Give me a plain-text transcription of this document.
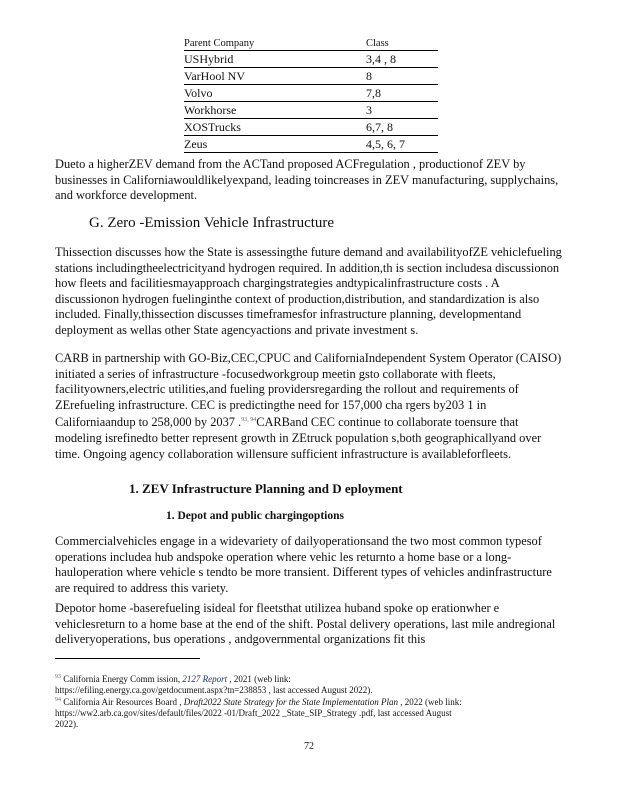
Parent Company	Class
USHybrid	3,4 , 8
VarHool NV	8
Volvo	7,8
Workhorse	3
XOSTrucks	6,7, 8
Zeus	4,5, 6, 7

Dueto a higherZEV demand from the ACTand proposed ACFregulation , productionof ZEV by businesses in Californiawouldlikelyexpand, leading toincreases in ZEV manufacturing, supplychains, and workforce development.

G. Zero -Emission Vehicle Infrastructure

Thissection discusses how the State is assessingthe future demand and availabilityofZE vehiclefueling stations includingtheelectricityand hydrogen required. In addition,th is section includesa discussionon how fleets and facilitiesmayapproach chargingstrategies andtypicalinfrastructure costs . A discussionon hydrogen fuelinginthe context of production,distribution, and standardization is also included. Finally,thissection discusses timeframesfor infrastructure planning, developmentand deployment as wellas other State agencyactions and private investment s.

CARB in partnership with GO-Biz,CEC,CPUC and CaliforniaIndependent System Operator (CAISO) initiated a series of infrastructure -focusedworkgroup meetin gsto collaborate with fleets, facilityowners,electric utilities,and fueling providersregarding the rollout and requirements of ZErefueling infrastructure. CEC is predictingthe need for 157,000 cha rgers by203 1 in Californiaandup to 258,000 by 2037 .$^{93, 94}$CARBand CEC continue to collaborate toensure that modeling isrefinedto better represent growth in ZEtruck population s,both geographicallyand over time. Ongoing agency collaboration willensure sufficient infrastructure is availableforfleets.

1. ZEV Infrastructure Planning and D eployment
1. Depot and public chargingoptions

Commercialvehicles engage in a widevariety of dailyoperationsand the two most common typesof operations includea hub andspoke operation where vehic les returnto a home base or a long-hauloperation where vehicle s tendto be more transient. Different types of vehicles andinfrastructure are required to address this variety.

Depotor home -baserefueling isideal for fleetsthat utilizea huband spoke op erationwher e vehiclesreturn to a home base at the end of the shift. Postal delivery operations, last mile andregional deliveryoperations, bus operations , andgovernmental organizations fit this

$^{93}$ California Energy Comm ission, 2127 Report , 2021 (web link:
https://efiling.energy.ca.gov/getdocument.aspx?tn=238853 , last accessed August 2022).

$^{94}$ California Air Resources Board , Draft2022 State Strategy for the State Implementation Plan , 2022 (web link:
https://ww2.arb.ca.gov/sites/default/files/2022 -01/Draft_2022 _State_SIP_Strategy .pdf, last accessed August
2022).

72
